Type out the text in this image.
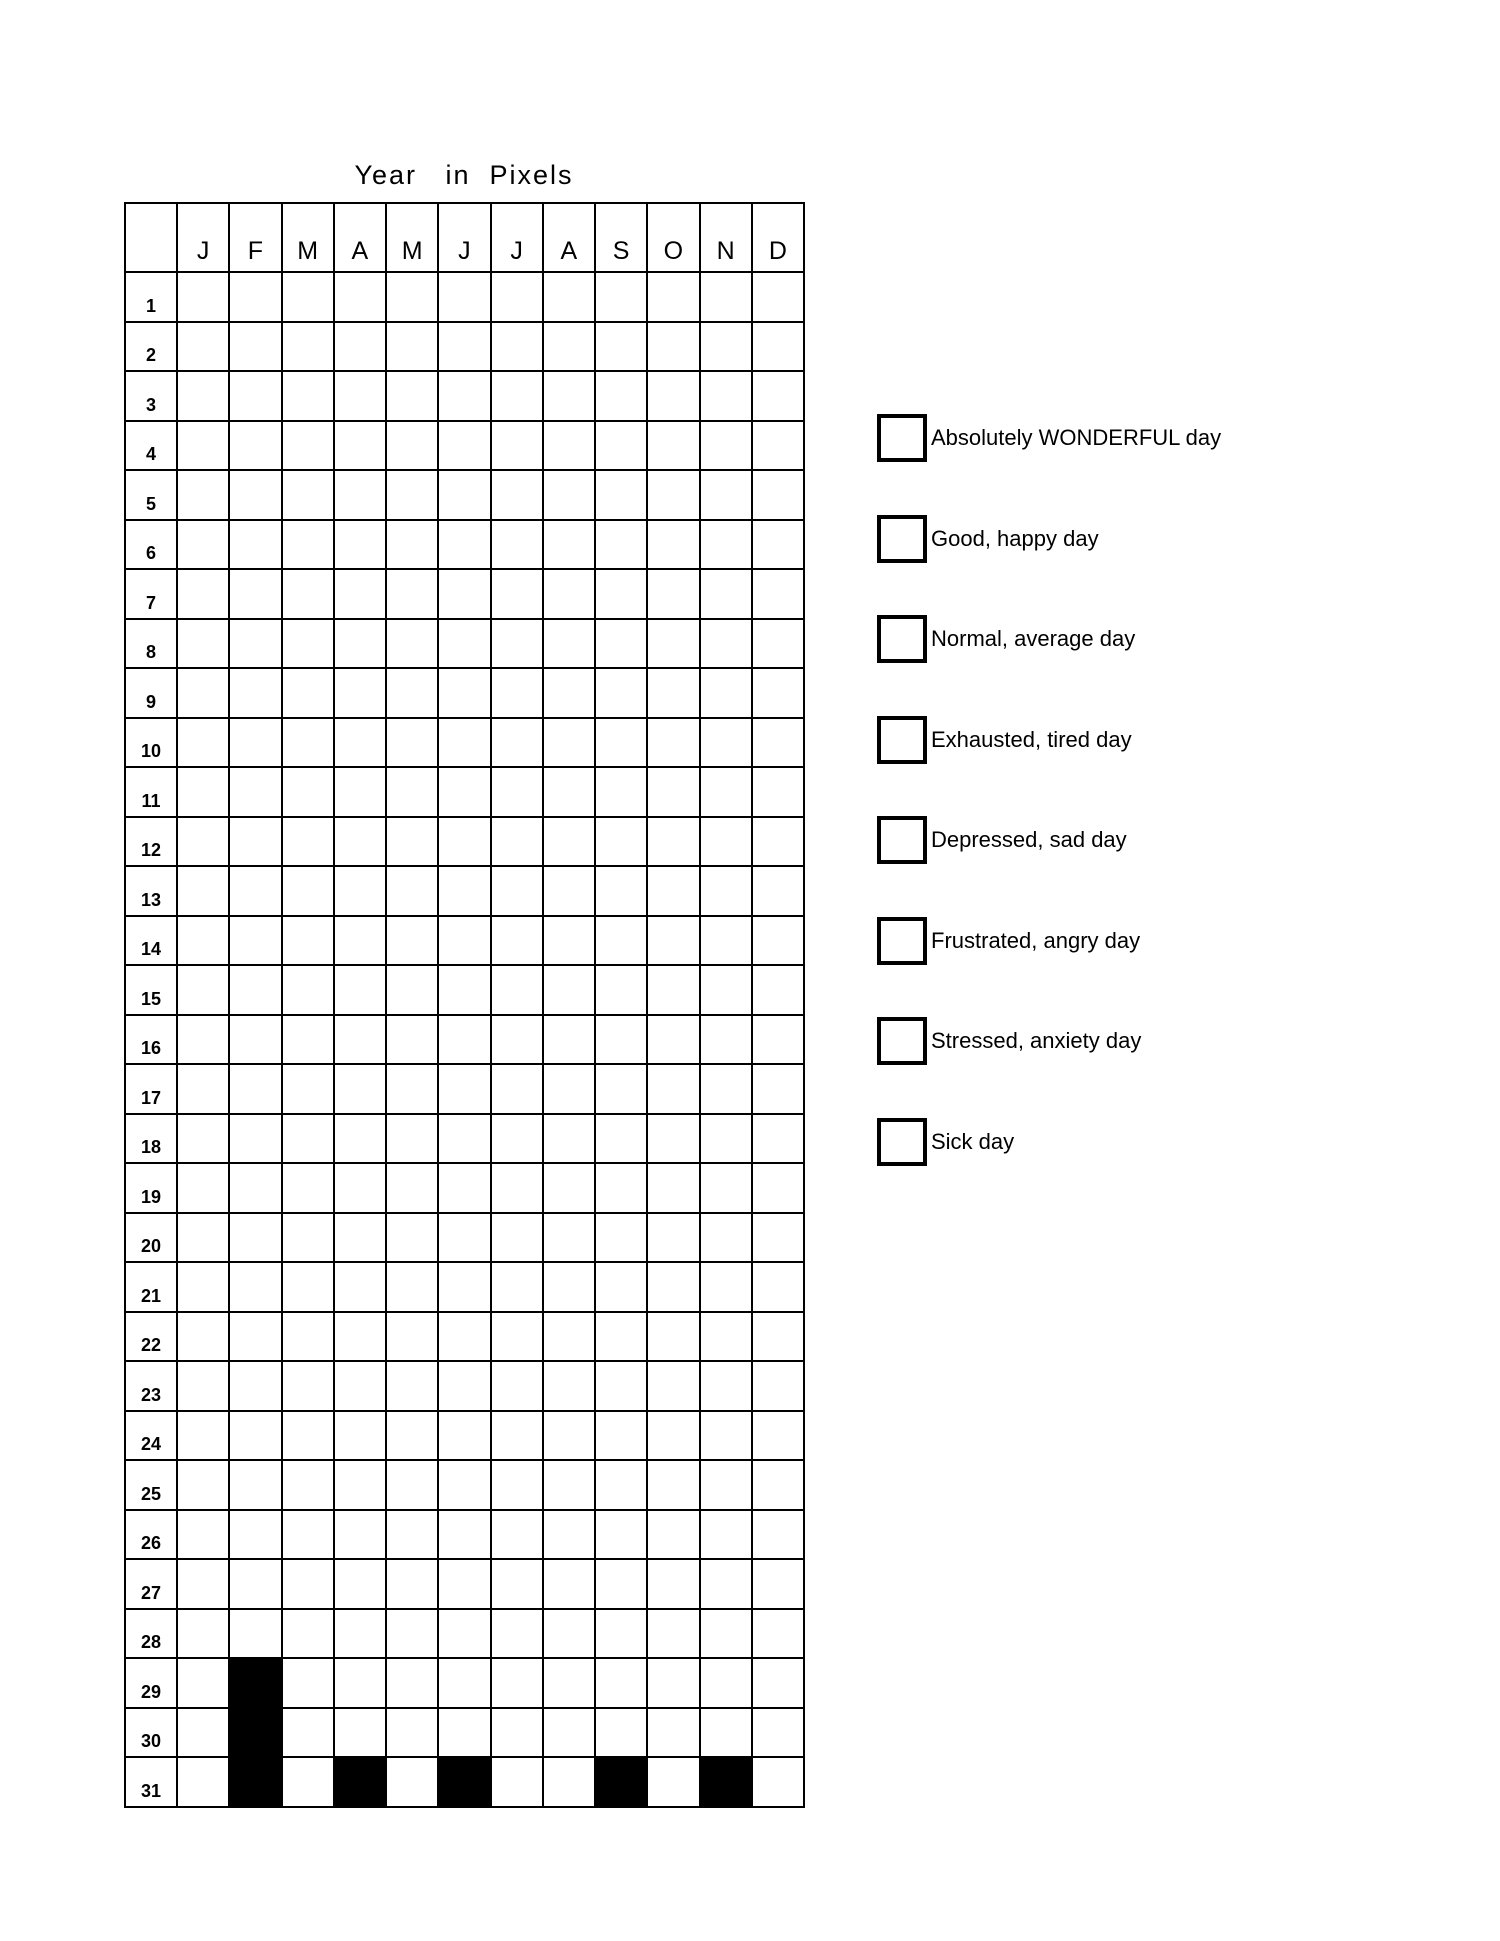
Year   in  Pixels
	J	F	M	A	M	J	J	A	S	O	N	D
1												
2												
3												
4												
5												
6												
7												
8												
9												
10												
11												
12												
13												
14												
15												
16												
17												
18												
19												
20												
21												
22												
23												
24												
25												
26												
27												
28												
29												
30												
31												
Absolutely WONDERFUL day
Good, happy day
Normal, average day
Exhausted, tired day
Depressed, sad day
Frustrated, angry day
Stressed, anxiety day
Sick day
